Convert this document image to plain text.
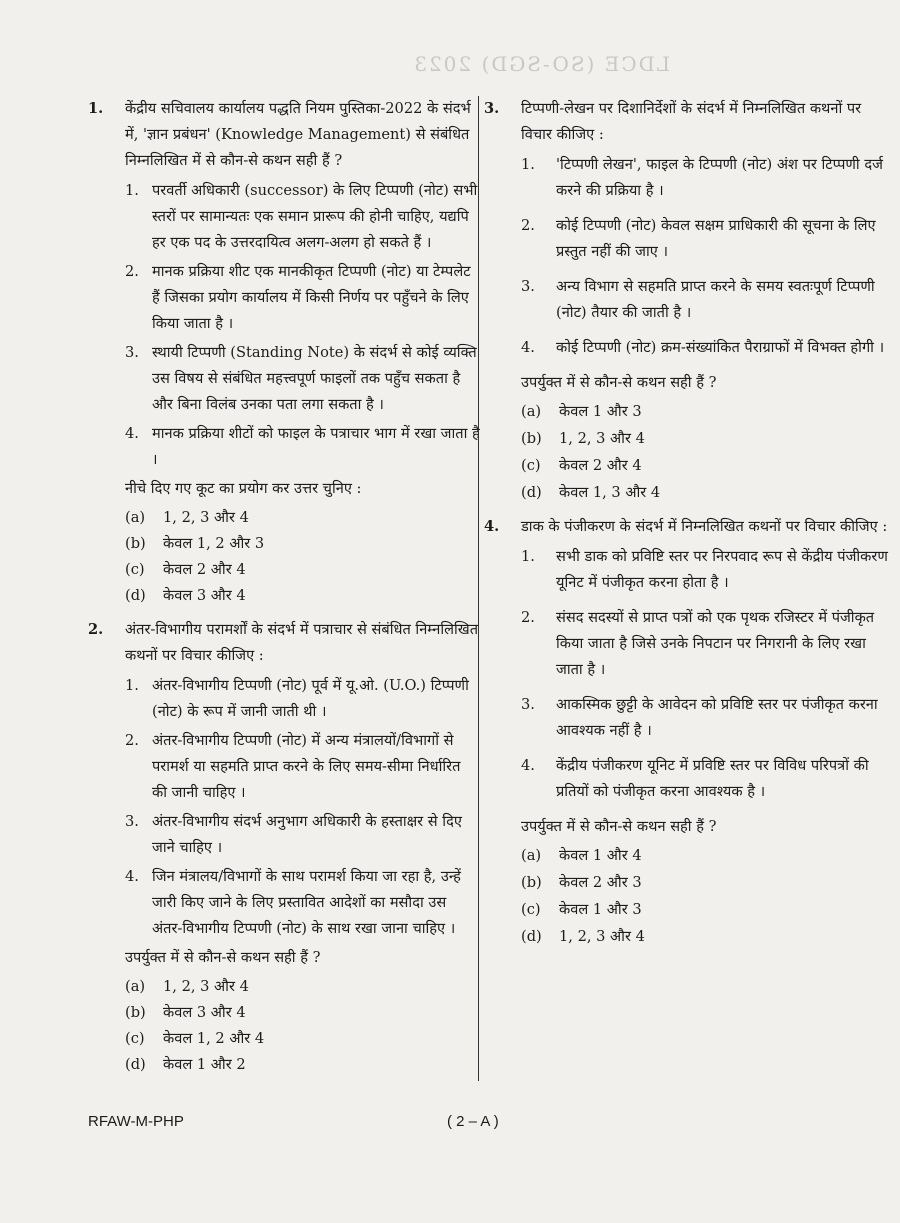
LDCE (SO-SGD) 2023
1. केंद्रीय सचिवालय कार्यालय पद्धति नियम पुस्तिका-2022 के संदर्भ में, 'ज्ञान प्रबंधन' (Knowledge Management) से संबंधित निम्नलिखित में से कौन-से कथन सही हैं ?
1. परवर्ती अधिकारी (successor) के लिए टिप्पणी (नोट) सभी स्तरों पर सामान्यतः एक समान प्रारूप की होनी चाहिए, यद्यपि हर एक पद के उत्तरदायित्व अलग-अलग हो सकते हैं ।
2. मानक प्रक्रिया शीट एक मानकीकृत टिप्पणी (नोट) या टेम्पलेट हैं जिसका प्रयोग कार्यालय में किसी निर्णय पर पहुँचने के लिए किया जाता है ।
3. स्थायी टिप्पणी (Standing Note) के संदर्भ से कोई व्यक्ति उस विषय से संबंधित महत्त्वपूर्ण फाइलों तक पहुँच सकता है और बिना विलंब उनका पता लगा सकता है ।
4. मानक प्रक्रिया शीटों को फाइल के पत्राचार भाग में रखा जाता है ।
नीचे दिए गए कूट का प्रयोग कर उत्तर चुनिए :
(a) 1, 2, 3 और 4
(b) केवल 1, 2 और 3
(c) केवल 2 और 4
(d) केवल 3 और 4
2. अंतर-विभागीय परामर्शों के संदर्भ में पत्राचार से संबंधित निम्नलिखित कथनों पर विचार कीजिए :
1. अंतर-विभागीय टिप्पणी (नोट) पूर्व में यू.ओ. (U.O.) टिप्पणी (नोट) के रूप में जानी जाती थी ।
2. अंतर-विभागीय टिप्पणी (नोट) में अन्य मंत्रालयों/विभागों से परामर्श या सहमति प्राप्त करने के लिए समय-सीमा निर्धारित की जानी चाहिए ।
3. अंतर-विभागीय संदर्भ अनुभाग अधिकारी के हस्ताक्षर से दिए जाने चाहिए ।
4. जिन मंत्रालय/विभागों के साथ परामर्श किया जा रहा है, उन्हें जारी किए जाने के लिए प्रस्तावित आदेशों का मसौदा उस अंतर-विभागीय टिप्पणी (नोट) के साथ रखा जाना चाहिए ।
उपर्युक्त में से कौन-से कथन सही हैं ?
(a) 1, 2, 3 और 4
(b) केवल 3 और 4
(c) केवल 1, 2 और 4
(d) केवल 1 और 2
3. टिप्पणी-लेखन पर दिशानिर्देशों के संदर्भ में निम्नलिखित कथनों पर विचार कीजिए :
1. 'टिप्पणी लेखन', फाइल के टिप्पणी (नोट) अंश पर टिप्पणी दर्ज करने की प्रक्रिया है ।
2. कोई टिप्पणी (नोट) केवल सक्षम प्राधिकारी की सूचना के लिए प्रस्तुत नहीं की जाए ।
3. अन्य विभाग से सहमति प्राप्त करने के समय स्वतःपूर्ण टिप्पणी (नोट) तैयार की जाती है ।
4. कोई टिप्पणी (नोट) क्रम-संख्यांकित पैराग्राफों में विभक्त होगी ।
उपर्युक्त में से कौन-से कथन सही हैं ?
(a) केवल 1 और 3
(b) 1, 2, 3 और 4
(c) केवल 2 और 4
(d) केवल 1, 3 और 4
4. डाक के पंजीकरण के संदर्भ में निम्नलिखित कथनों पर विचार कीजिए :
1. सभी डाक को प्रविष्टि स्तर पर निरपवाद रूप से केंद्रीय पंजीकरण यूनिट में पंजीकृत करना होता है ।
2. संसद सदस्यों से प्राप्त पत्रों को एक पृथक रजिस्टर में पंजीकृत किया जाता है जिसे उनके निपटान पर निगरानी के लिए रखा जाता है ।
3. आकस्मिक छुट्टी के आवेदन को प्रविष्टि स्तर पर पंजीकृत करना आवश्यक नहीं है ।
4. केंद्रीय पंजीकरण यूनिट में प्रविष्टि स्तर पर विविध परिपत्रों की प्रतियों को पंजीकृत करना आवश्यक है ।
उपर्युक्त में से कौन-से कथन सही हैं ?
(a) केवल 1 और 4
(b) केवल 2 और 3
(c) केवल 1 और 3
(d) 1, 2, 3 और 4
RFAW-M-PHP	( 2 – A )
